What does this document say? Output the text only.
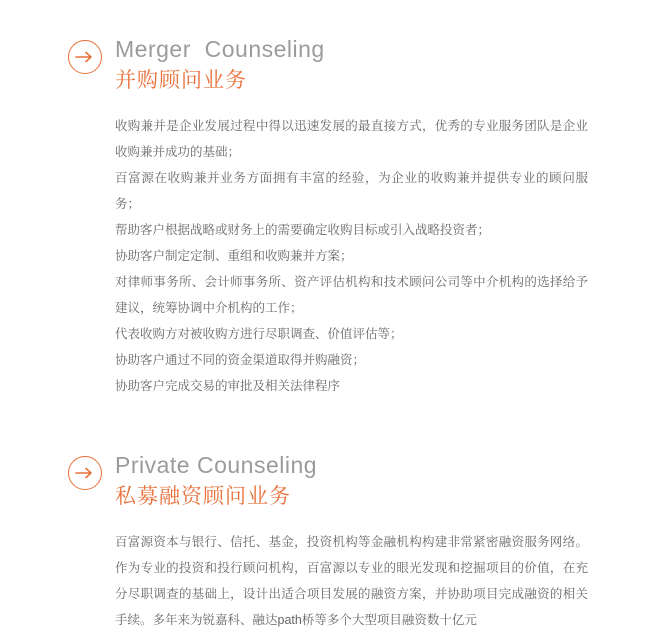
Merger  Counseling
并购顾问业务

收购兼并是企业发展过程中得以迅速发展的最直接方式，优秀的专业服务团队是企业收购兼并成功的基础；

百富源在收购兼并业务方面拥有丰富的经验，为企业的收购兼并提供专业的顾问服务；

帮助客户根据战略或财务上的需要确定收购目标或引入战略投资者；

协助客户制定定制、重组和收购兼并方案；

对律师事务所、会计师事务所、资产评估机构和技术顾问公司等中介机构的选择给予建议，统筹协调中介机构的工作；

代表收购方对被收购方进行尽职调查、价值评估等；

协助客户通过不同的资金渠道取得并购融资；

协助客户完成交易的审批及相关法律程序

Private Counseling
私募融资顾问业务

百富源资本与银行、信托、基金，投资机构等金融机构构建非常紧密融资服务网络。作为专业的投资和投行顾问机构，百富源以专业的眼光发现和挖掘项目的价值，在充分尽职调查的基础上，设计出适合项目发展的融资方案，并协助项目完成融资的相关手续。多年来为锐嘉科、融达path桥等多个大型项目融资数十亿元
